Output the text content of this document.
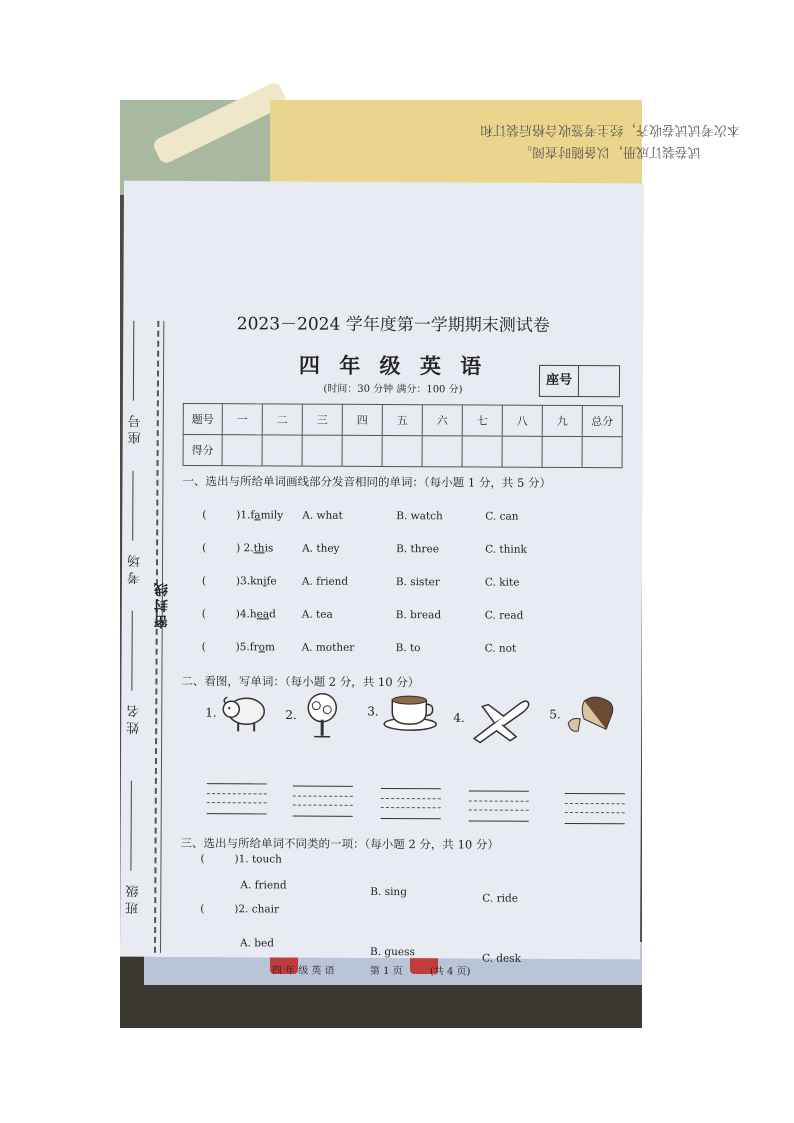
试卷装订成册，以备随时查阅。
本次考试试卷收齐，经主考签收合格后装订和
座号
考场
姓名
班级
密封线
2023－2024 学年度第一学期期末测试卷
四 年 级 英 语
(时间：30 分钟 满分：100 分)
座号
题号	一	二	三	四	五	六	七	八	九	总分
得分										
一、选出与所给单词画线部分发音相同的单词：（每小题 1 分，共 5 分）
(	)1.family A. what	B. watch	C. can
(	) 2.this	A. they	B. three	C. think
(	)3.knife A. friend	B. sister	C. kite
(	)4.head A. tea	B. bread	C. read
(	)5.from	A. mother	B. to	C. not
二、看图，写单词：（每小题 2 分，共 10 分）
1.	2.	3.	4.	5.
三、选出与所给单词不同类的一项：（每小题 2 分，共 10 分）
(	)1. touch
A. friend
B. sing
C. ride
(	)2. chair
A. bed
B. guess
C. desk
四 年 级 英 语	第 1 页	(共 4 页)
